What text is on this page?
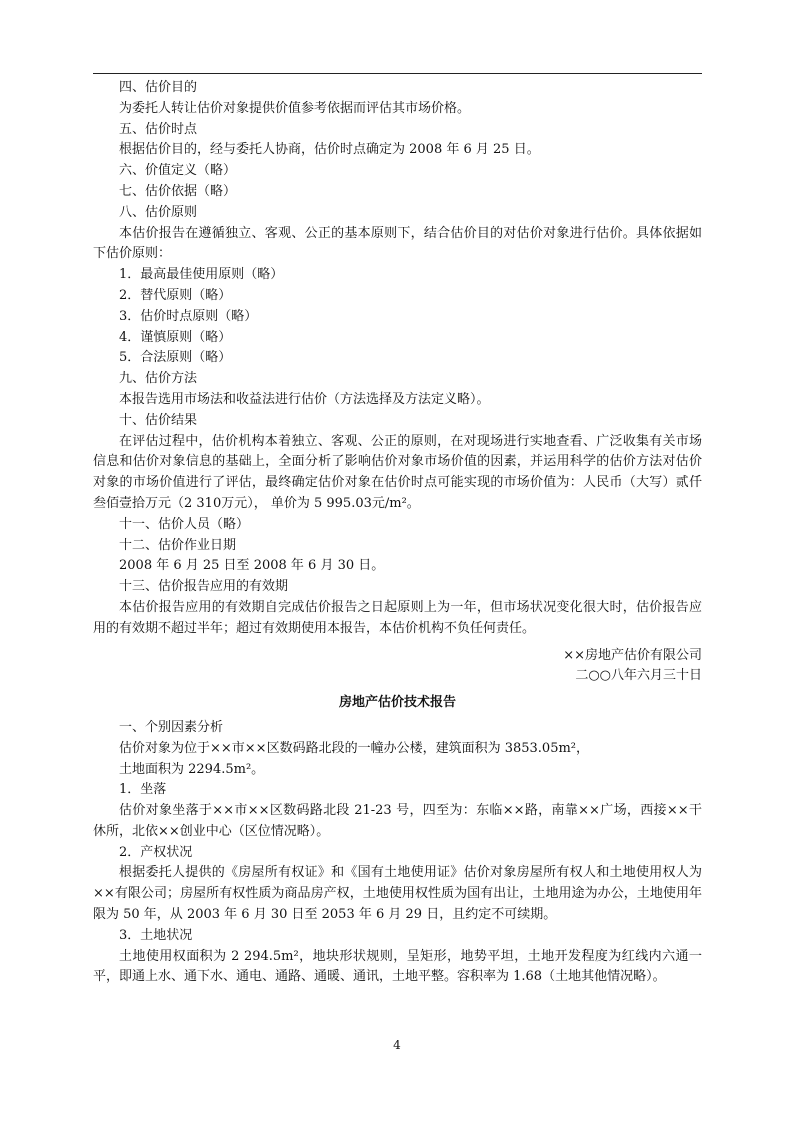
四、估价目的

为委托人转让估价对象提供价值参考依据而评估其市场价格。

五、估价时点

根据估价目的，经与委托人协商，估价时点确定为 2008 年 6 月 25 日。

六、价值定义（略）

七、估价依据（略）

八、估价原则

本估价报告在遵循独立、客观、公正的基本原则下，结合估价目的对估价对象进行估价。具体依据如下估价原则：

1．最高最佳使用原则（略）

2．替代原则（略）

3．估价时点原则（略）

4．谨慎原则（略）

5．合法原则（略）

九、估价方法

本报告选用市场法和收益法进行估价（方法选择及方法定义略）。

十、估价结果

在评估过程中，估价机构本着独立、客观、公正的原则，在对现场进行实地查看、广泛收集有关市场信息和估价对象信息的基础上，全面分析了影响估价对象市场价值的因素，并运用科学的估价方法对估价对象的市场价值进行了评估，最终确定估价对象在估价时点可能实现的市场价值为：人民币（大写）贰仟叁佰壹拾万元（2 310万元）， 单价为 5 995.03元/m²。

十一、估价人员（略）

十二、估价作业日期

2008 年 6 月 25 日至 2008 年 6 月 30 日。

十三、估价报告应用的有效期

本估价报告应用的有效期自完成估价报告之日起原则上为一年，但市场状况变化很大时，估价报告应用的有效期不超过半年；超过有效期使用本报告，本估价机构不负任何责任。

××房地产估价有限公司

二○○八年六月三十日

房地产估价技术报告

一、个别因素分析

估价对象为位于××市××区数码路北段的一幢办公楼，建筑面积为 3853.05m²，

土地面积为 2294.5m²。

1．坐落

估价对象坐落于××市××区数码路北段 21-23 号，四至为：东临××路，南靠××广场，西接××干休所，北依××创业中心（区位情况略）。

2．产权状况

根据委托人提供的《房屋所有权证》和《国有土地使用证》估价对象房屋所有权人和土地使用权人为××有限公司；房屋所有权性质为商品房产权，土地使用权性质为国有出让，土地用途为办公，土地使用年限为 50 年，从 2003 年 6 月 30 日至 2053 年 6 月 29 日，且约定不可续期。

3．土地状况

土地使用权面积为 2 294.5m²，地块形状规则，呈矩形，地势平坦，土地开发程度为红线内六通一平，即通上水、通下水、通电、通路、通暖、通讯，土地平整。容积率为 1.68（土地其他情况略）。

4
